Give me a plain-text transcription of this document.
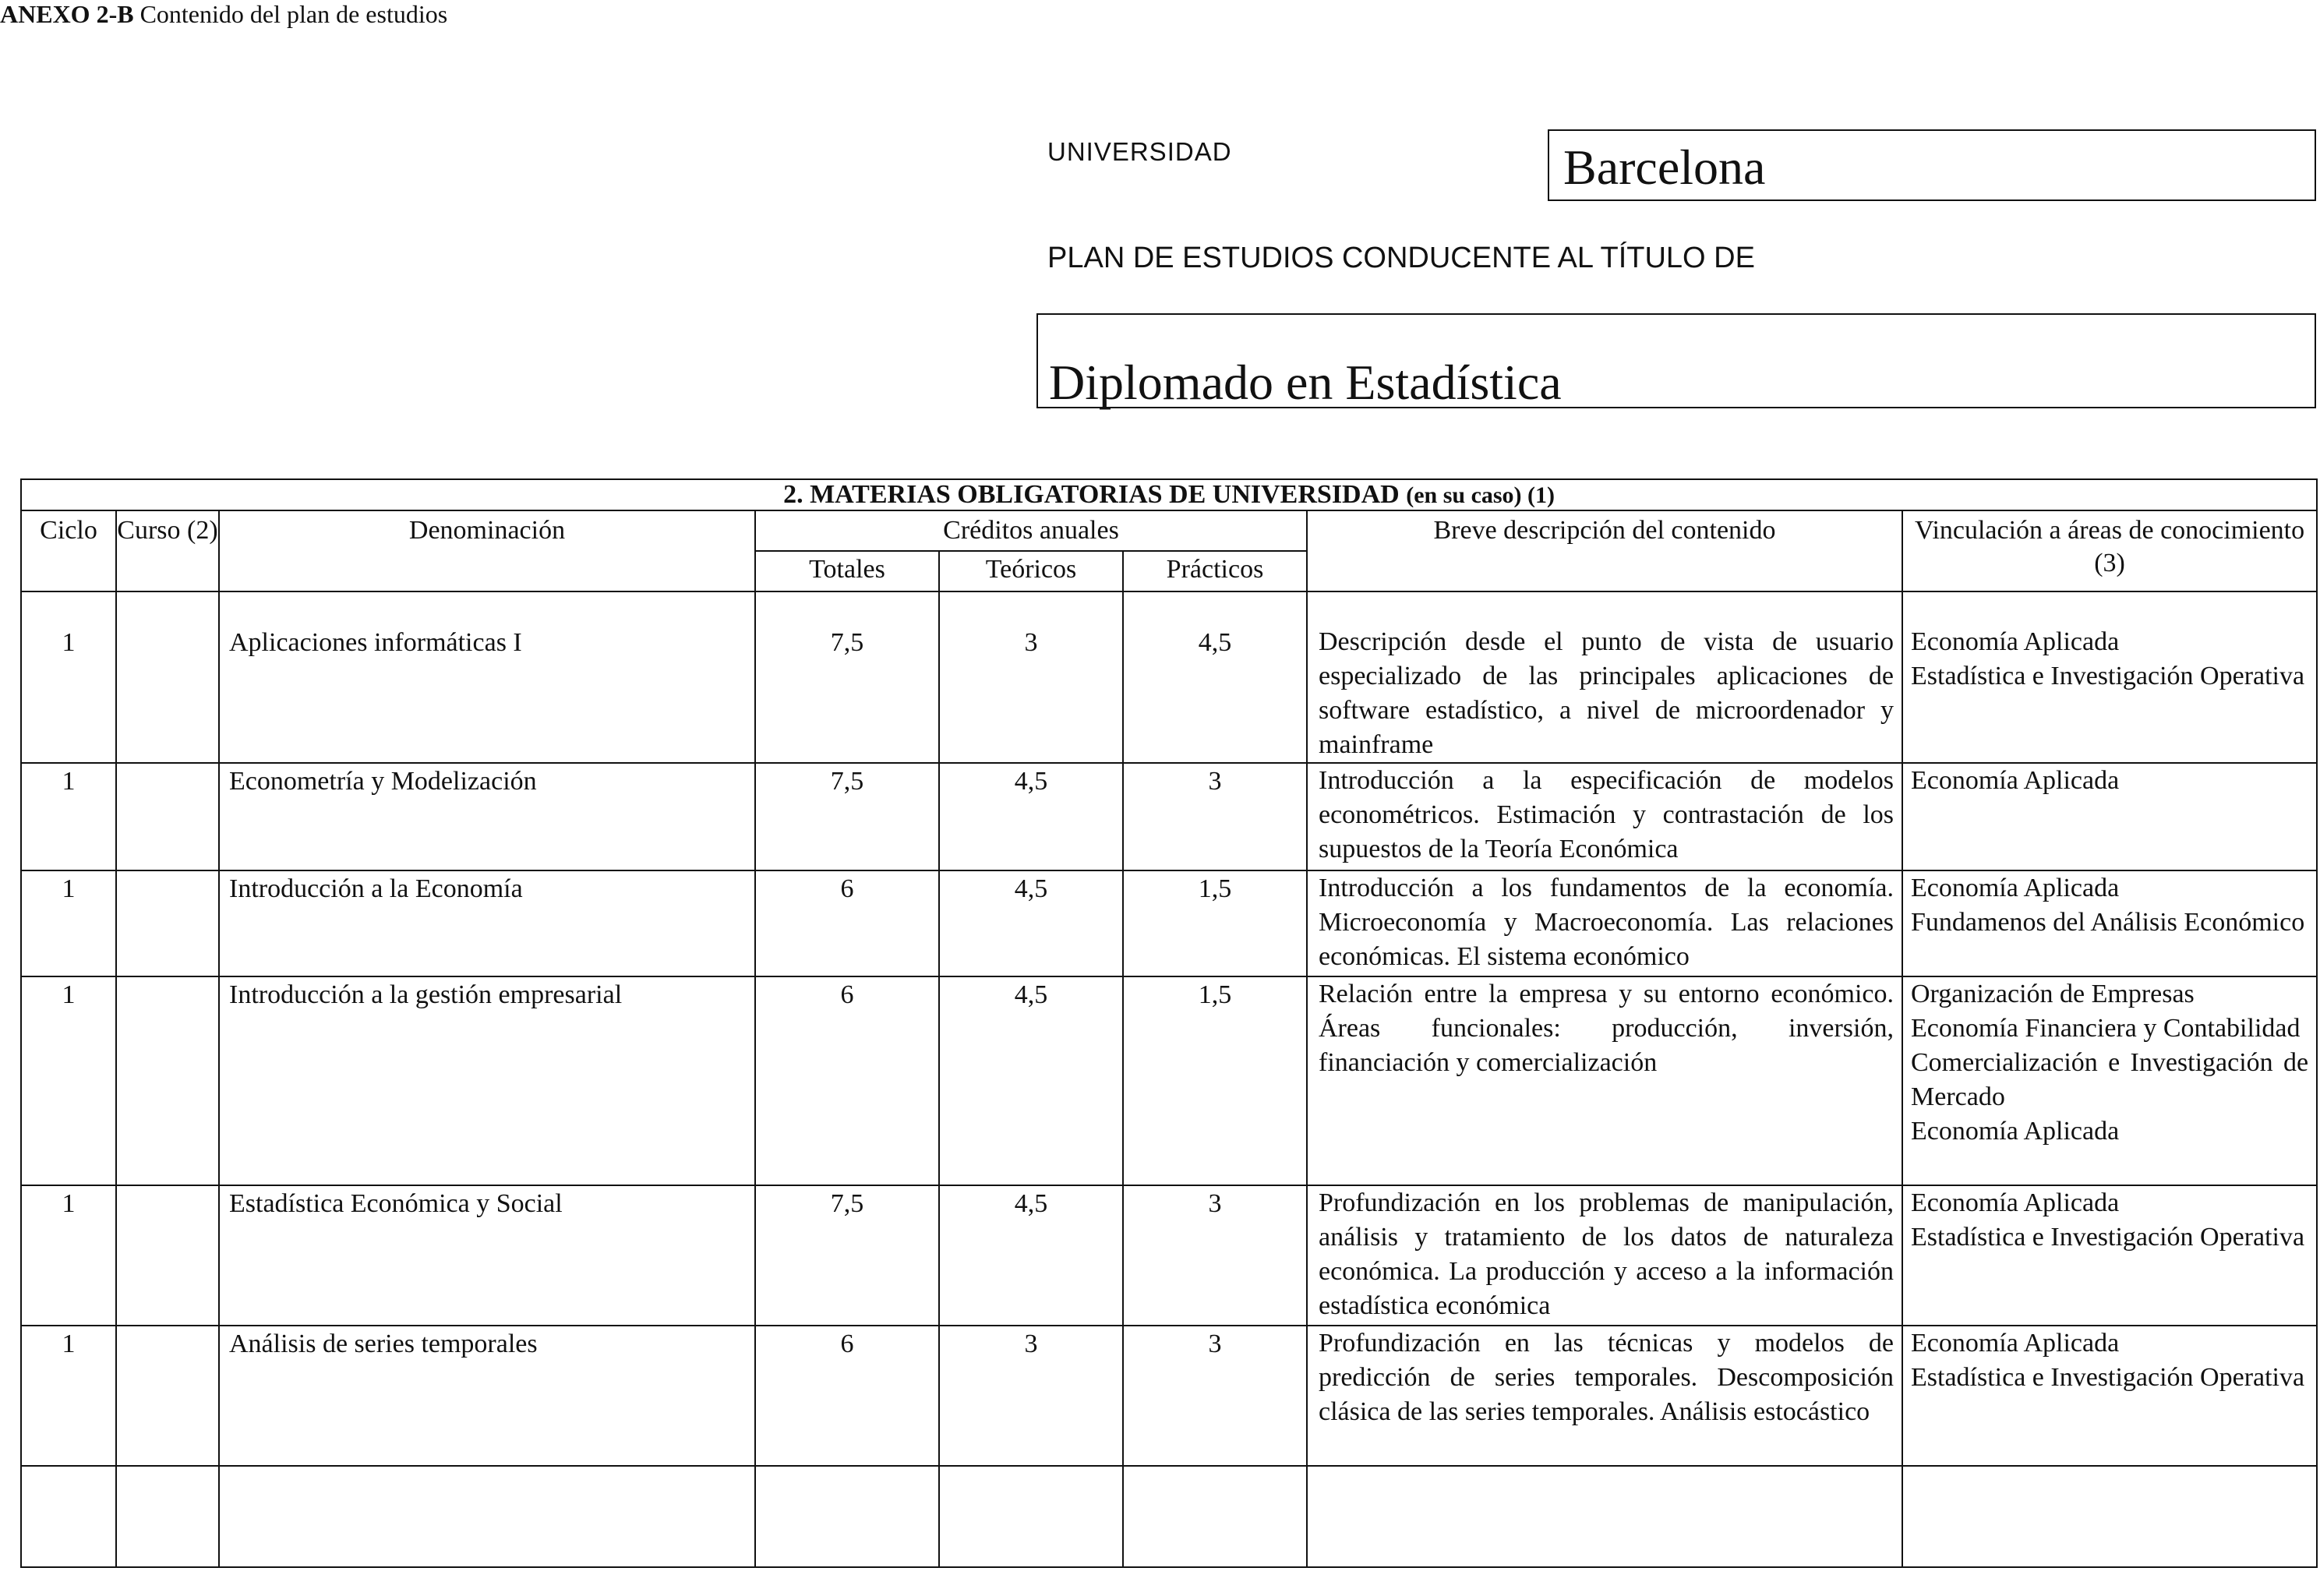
ANEXO 2-B Contenido del plan de estudios
UNIVERSIDAD	Barcelona
PLAN DE ESTUDIOS CONDUCENTE AL TÍTULO DE
Diplomado en Estadística
2. MATERIAS OBLIGATORIAS DE UNIVERSIDAD (en su caso) (1)							
Ciclo	Curso (2)	Denominación	Créditos anuales			Breve descripción del contenido	Vinculación a áreas de conocimiento (3)
			Totales	Teóricos	Prácticos		
1		Aplicaciones informáticas I	7,5	3	4,5	Descripción desde el punto de vista de usuario especializado de las principales aplicaciones de software estadístico, a nivel de microordenador y mainframe	Economía Aplicada
Estadística e Investigación Operativa

1		Econometría y Modelización	7,5	4,5	3	Introducción a la especificación de modelos econométricos. Estimación y contrastación de los supuestos de la Teoría Económica	Economía Aplicada

1		Introducción a la Economía	6	4,5	1,5	Introducción a los fundamentos de la economía. Microeconomía y Macroeconomía. Las relaciones económicas. El sistema económico	Economía Aplicada
Fundamenos del Análisis Económico

1		Introducción a la gestión empresarial	6	4,5	1,5	Relación entre la empresa y su entorno económico. Áreas funcionales: producción, inversión, financiación y comercialización	Organización de Empresas
Economía Financiera y Contabilidad
Comercialización e Investigación de Mercado
Economía Aplicada

1		Estadística Económica y Social	7,5	4,5	3	Profundización en los problemas de manipulación, análisis y tratamiento de los datos de naturaleza económica. La producción y acceso a la información estadística económica	Economía Aplicada
Estadística e Investigación Operativa

1		Análisis de series temporales	6	3	3	Profundización en las técnicas y modelos de predicción de series temporales. Descomposición clásica de las series temporales. Análisis estocástico	Economía Aplicada
Estadística e Investigación Operativa
